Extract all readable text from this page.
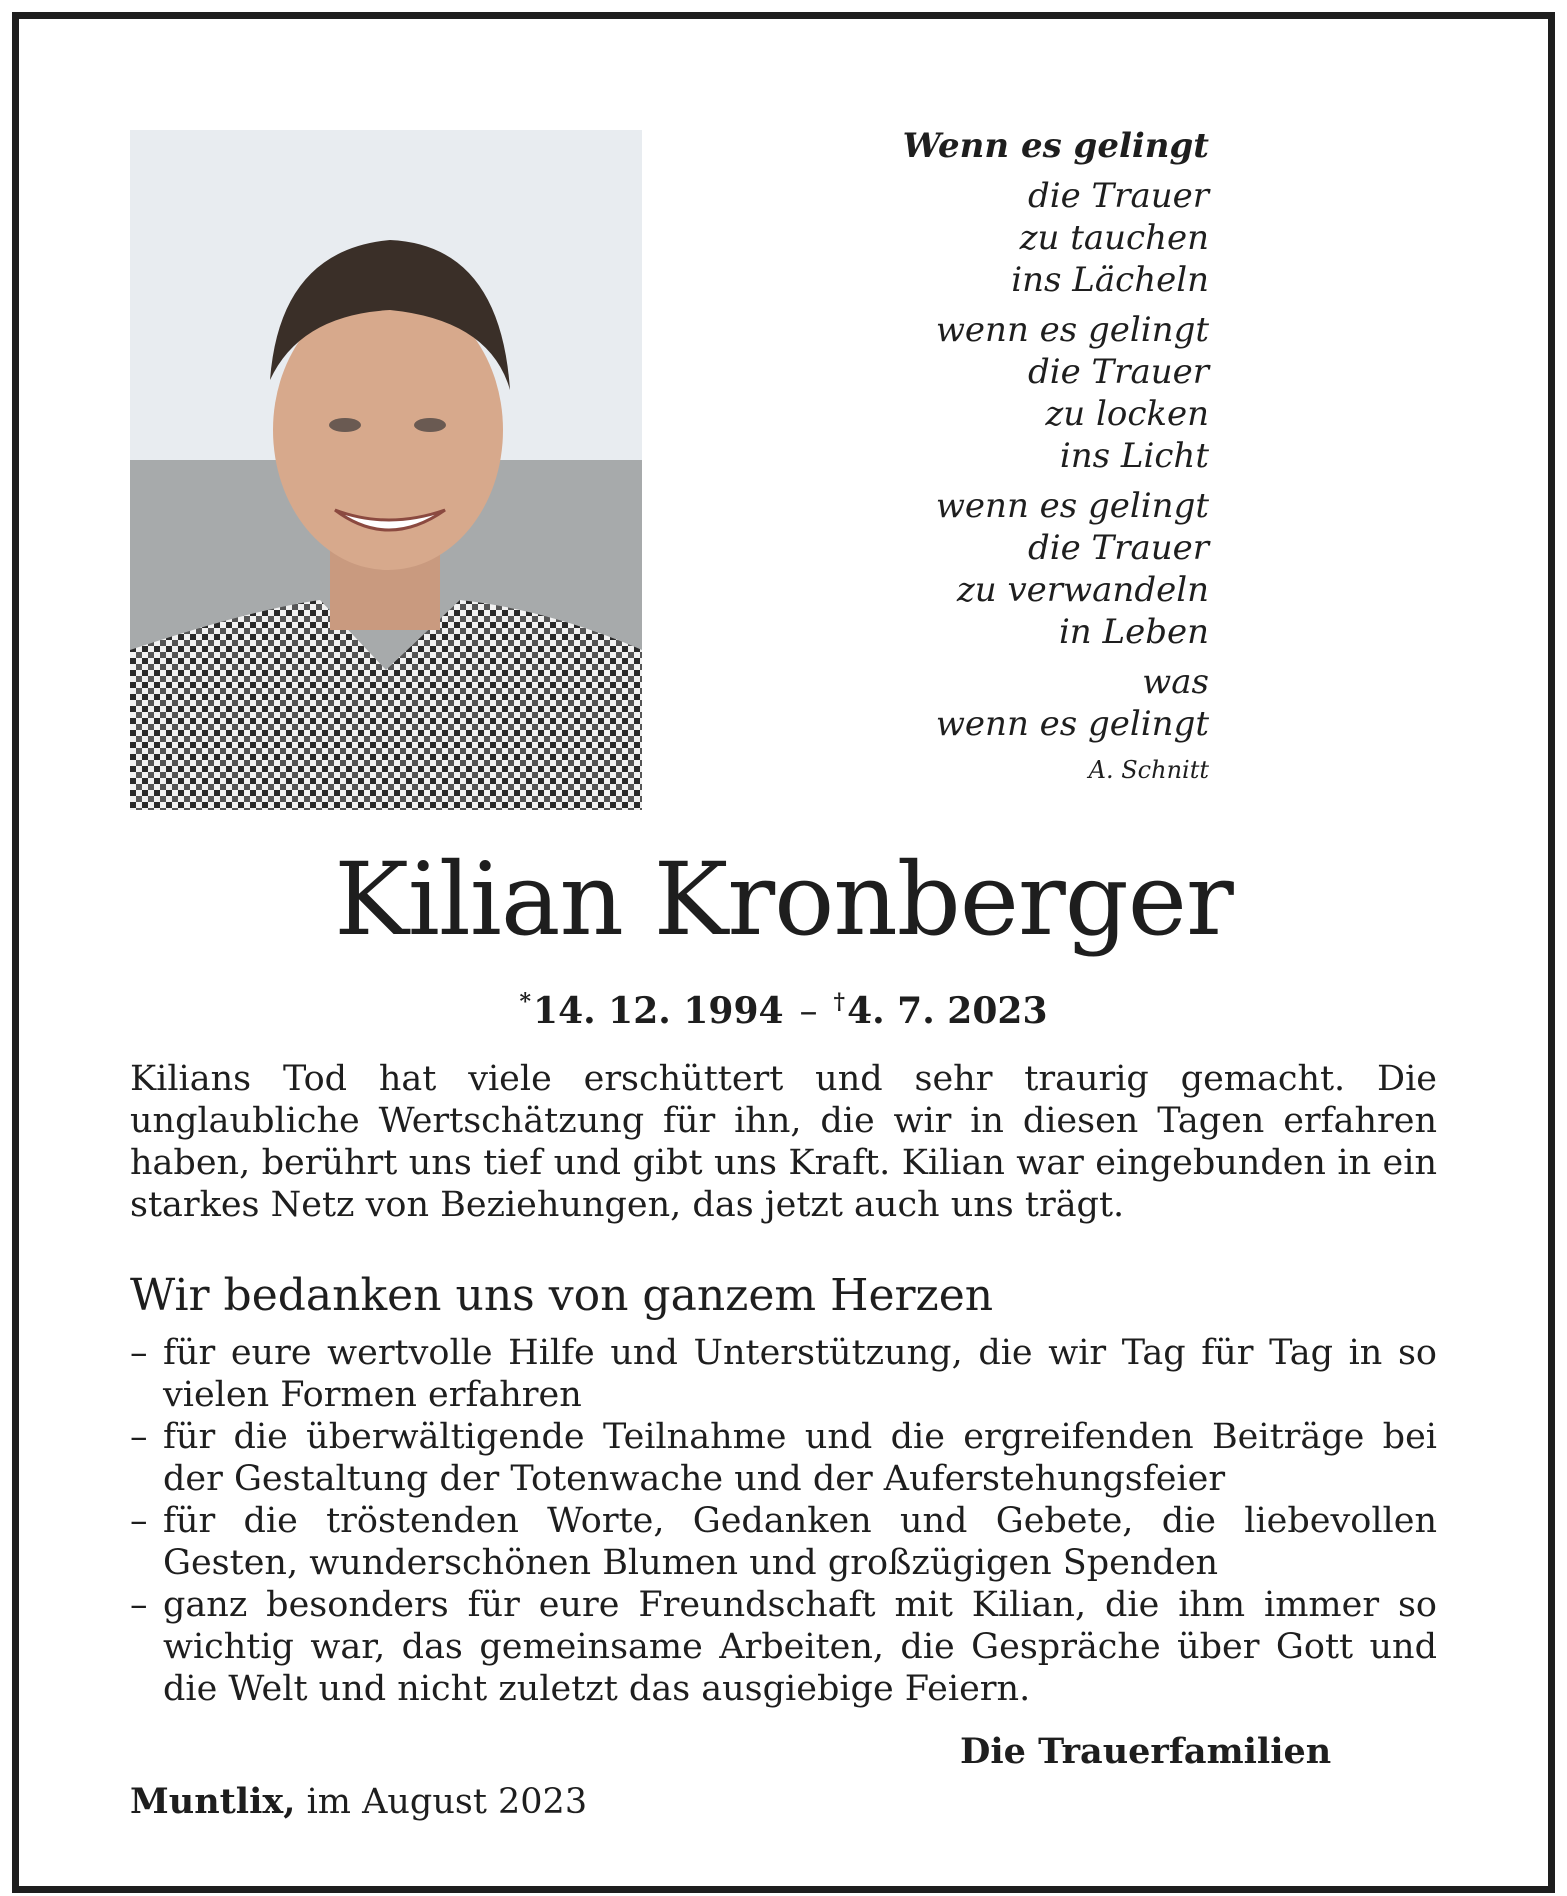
Wenn es gelingt
die Trauer
zu tauchen
ins Lächeln
wenn es gelingt
die Trauer
zu locken
ins Licht
wenn es gelingt
die Trauer
zu verwandeln
in Leben
was
wenn es gelingt
A. Schnitt
Kilian Kronberger
*14. 12. 1994 – †4. 7. 2023
Kilians Tod hat viele erschüttert und sehr traurig gemacht. Die unglaubliche Wertschätzung für ihn, die wir in diesen Tagen erfahren haben, berührt uns tief und gibt uns Kraft. Kilian war eingebunden in ein starkes Netz von Beziehungen, das jetzt auch uns trägt.
Wir bedanken uns von ganzem Herzen
– für eure wertvolle Hilfe und Unterstützung, die wir Tag für Tag in so vielen Formen erfahren
– für die überwältigende Teilnahme und die ergreifenden Beiträge bei der Gestaltung der Totenwache und der Auferstehungsfeier
– für die tröstenden Worte, Gedanken und Gebete, die liebevollen Gesten, wunderschönen Blumen und großzügigen Spenden
– ganz besonders für eure Freundschaft mit Kilian, die ihm immer so wichtig war, das gemeinsame Arbeiten, die Gespräche über Gott und die Welt und nicht zuletzt das ausgiebige Feiern.
Die Trauerfamilien
Muntlix, im August 2023
